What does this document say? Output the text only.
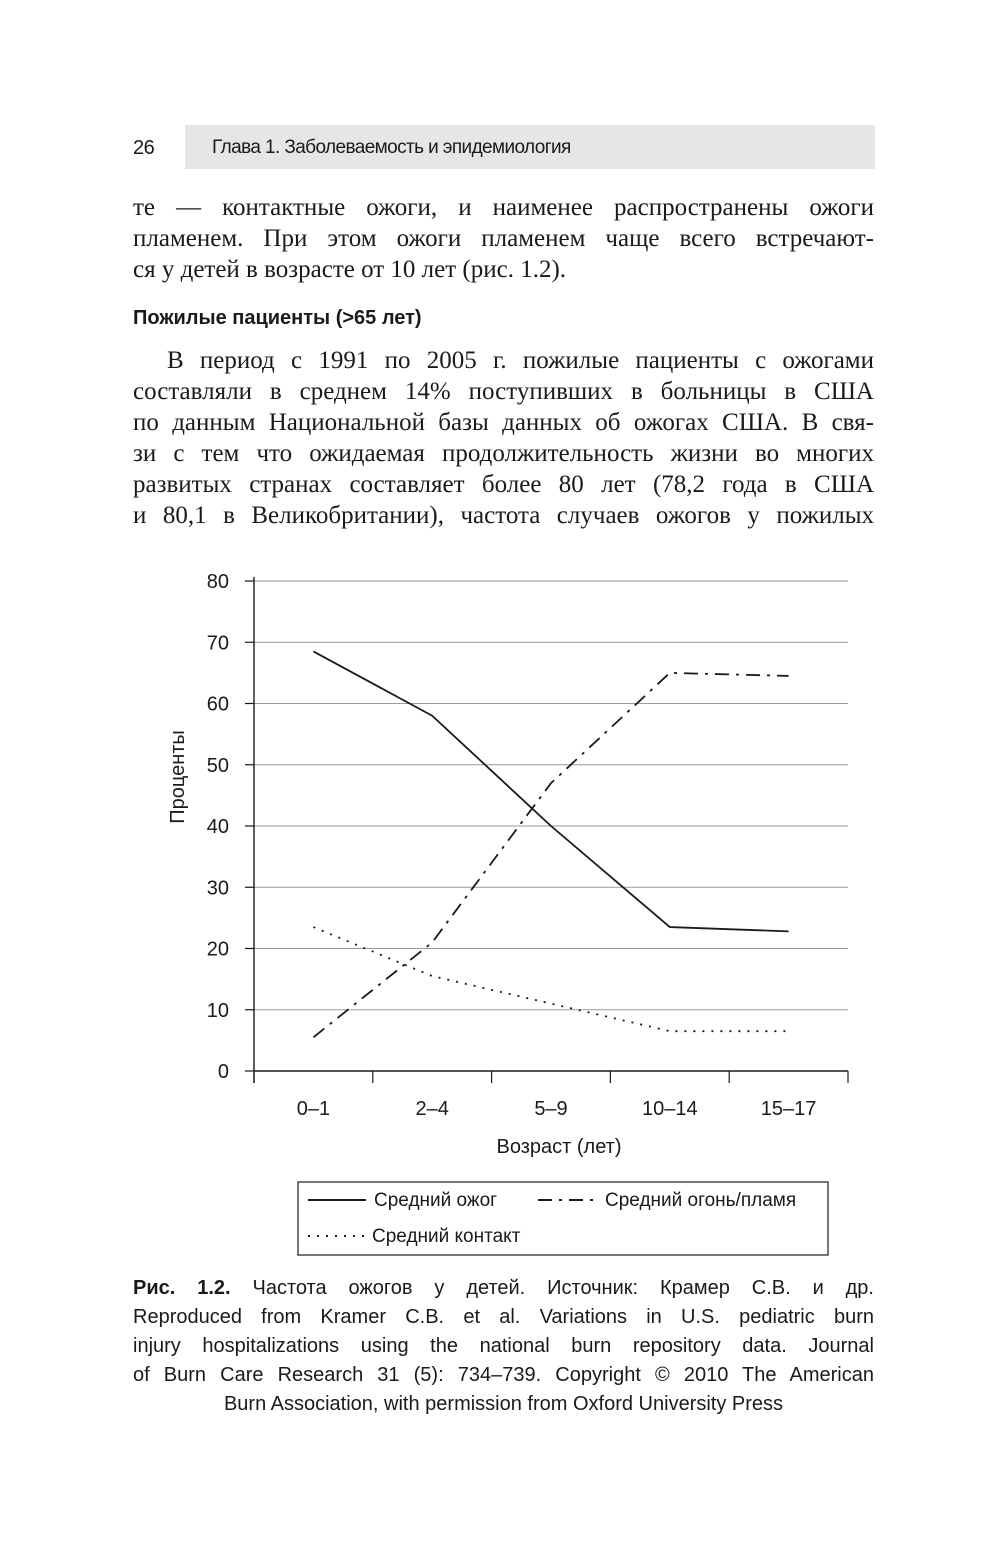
26	Глава 1. Заболеваемость и эпидемиология
те — контактные ожоги, и наименее распространены ожоги
пламенем. При этом ожоги пламенем чаще всего встречают-
ся у детей в возрасте от 10 лет (рис. 1.2).
Пожилые пациенты (>65 лет)
В период с 1991 по 2005 г. пожилые пациенты с ожогами
составляли в среднем 14% поступивших в больницы в США
по данным Национальной базы данных об ожогах США. В свя-
зи с тем что ожидаемая продолжительность жизни во многих
развитых странах составляет более 80 лет (78,2 года в США
и 80,1 в Великобритании), частота случаев ожогов у пожилых
0
10
20
30
40
50
60
70
80
0–1	2–4	5–9	10–14	15–17
Проценты
Возраст (лет)
Средний ожог	Средний огонь/пламя
Средний контакт
Рис. 1.2. Частота ожогов у детей. Источник: Крамер С.В. и др.
Reproduced from Kramer C.B. et al. Variations in U.S. pediatric burn
injury hospitalizations using the national burn repository data. Journal
of Burn Care Research 31 (5): 734–739. Copyright © 2010 The American
Burn Association, with permission from Oxford University Press
